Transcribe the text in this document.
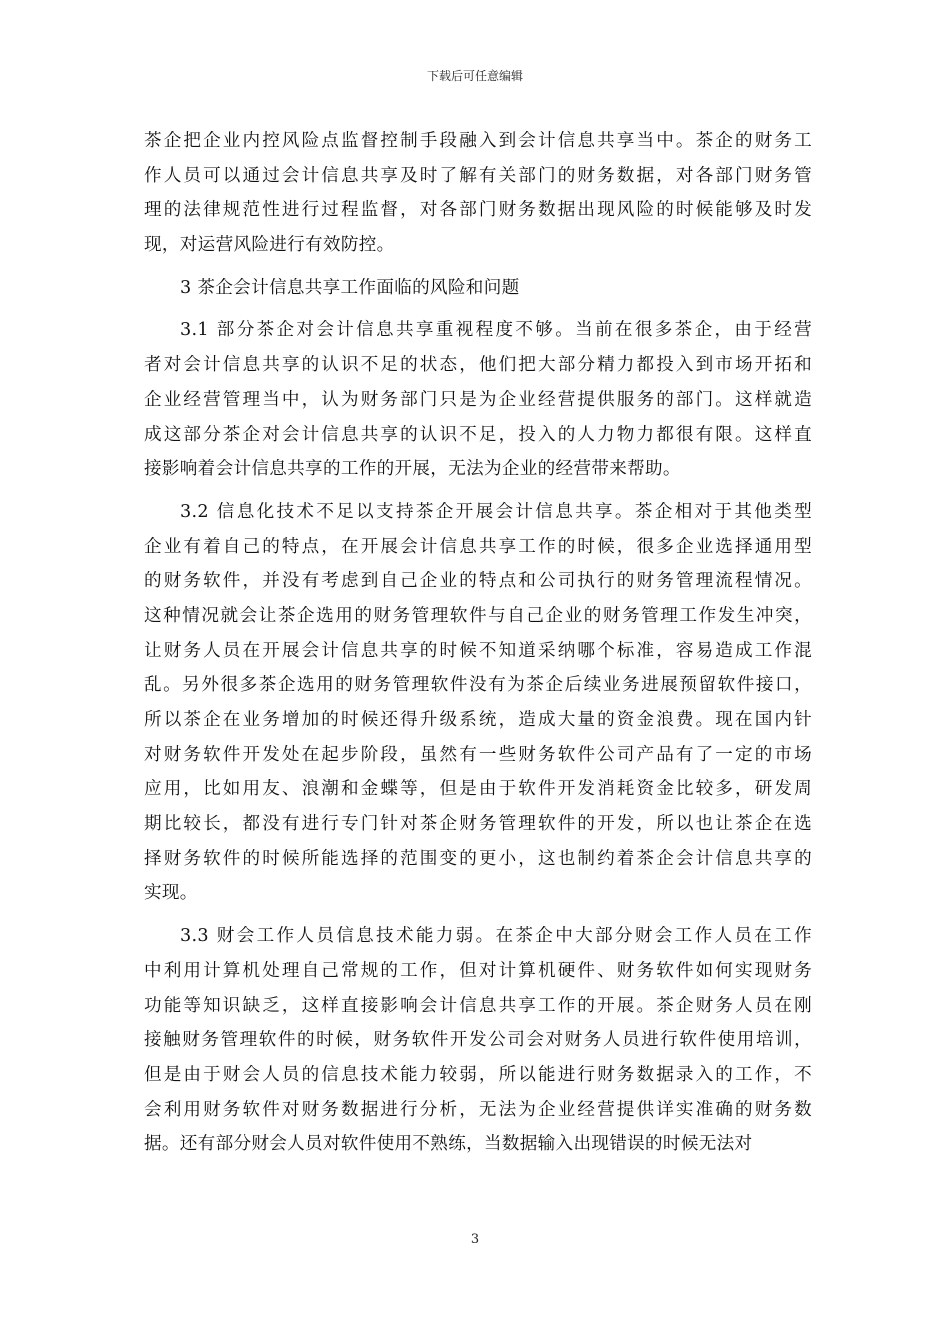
下载后可任意编辑
茶企把企业内控风险点监督控制手段融入到会计信息共享当中。茶企的财务工
作人员可以通过会计信息共享及时了解有关部门的财务数据，对各部门财务管
理的法律规范性进行过程监督，对各部门财务数据出现风险的时候能够及时发
现，对运营风险进行有效防控。
3 茶企会计信息共享工作面临的风险和问题
3.1 部分茶企对会计信息共享重视程度不够。当前在很多茶企，由于经营
者对会计信息共享的认识不足的状态，他们把大部分精力都投入到市场开拓和
企业经营管理当中，认为财务部门只是为企业经营提供服务的部门。这样就造
成这部分茶企对会计信息共享的认识不足，投入的人力物力都很有限。这样直
接影响着会计信息共享的工作的开展，无法为企业的经营带来帮助。
3.2 信息化技术不足以支持茶企开展会计信息共享。茶企相对于其他类型
企业有着自己的特点，在开展会计信息共享工作的时候，很多企业选择通用型
的财务软件，并没有考虑到自己企业的特点和公司执行的财务管理流程情况。
这种情况就会让茶企选用的财务管理软件与自己企业的财务管理工作发生冲突，
让财务人员在开展会计信息共享的时候不知道采纳哪个标准，容易造成工作混
乱。另外很多茶企选用的财务管理软件没有为茶企后续业务进展预留软件接口，
所以茶企在业务增加的时候还得升级系统，造成大量的资金浪费。现在国内针
对财务软件开发处在起步阶段，虽然有一些财务软件公司产品有了一定的市场
应用，比如用友、浪潮和金蝶等，但是由于软件开发消耗资金比较多，研发周
期比较长，都没有进行专门针对茶企财务管理软件的开发，所以也让茶企在选
择财务软件的时候所能选择的范围变的更小，这也制约着茶企会计信息共享的
实现。
3.3 财会工作人员信息技术能力弱。在茶企中大部分财会工作人员在工作
中利用计算机处理自己常规的工作，但对计算机硬件、财务软件如何实现财务
功能等知识缺乏，这样直接影响会计信息共享工作的开展。茶企财务人员在刚
接触财务管理软件的时候，财务软件开发公司会对财务人员进行软件使用培训，
但是由于财会人员的信息技术能力较弱，所以能进行财务数据录入的工作，不
会利用财务软件对财务数据进行分析，无法为企业经营提供详实准确的财务数
据。还有部分财会人员对软件使用不熟练，当数据输入出现错误的时候无法对
3
